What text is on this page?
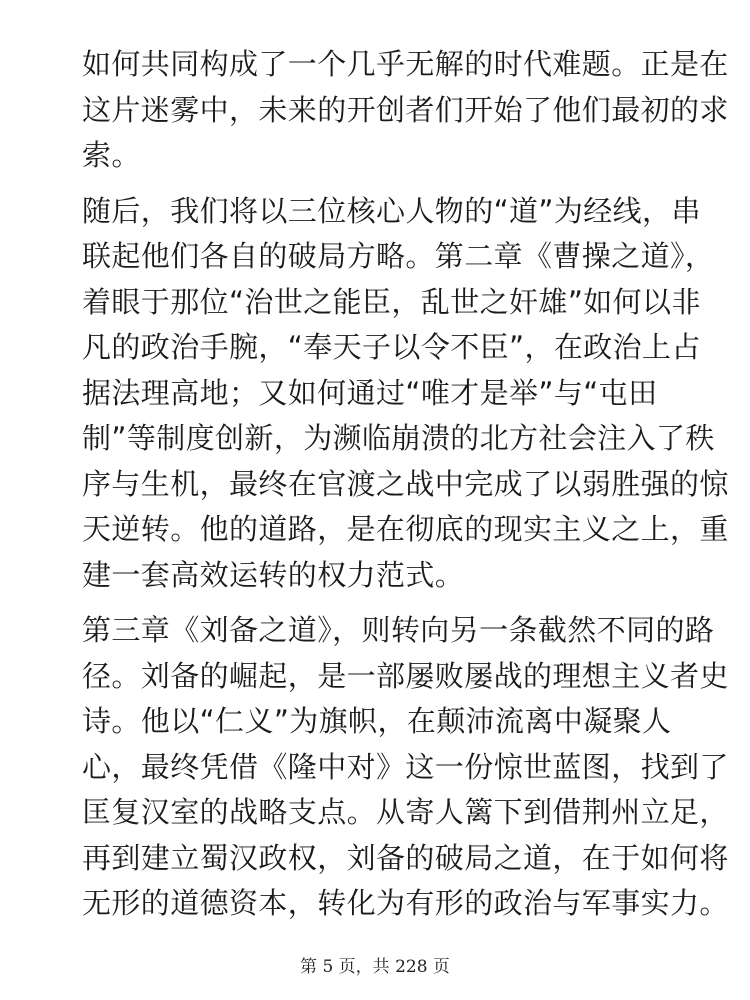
如何共同构成了一个几乎无解的时代难题。正是在
这片迷雾中，未来的开创者们开始了他们最初的求
索。

随后，我们将以三位核心人物的“道”为经线，串
联起他们各自的破局方略。第二章《曹操之道》，
着眼于那位“治世之能臣，乱世之奸雄”如何以非
凡的政治手腕，“奉天子以令不臣”，在政治上占
据法理高地；又如何通过“唯才是举”与“屯田
制”等制度创新，为濒临崩溃的北方社会注入了秩
序与生机，最终在官渡之战中完成了以弱胜强的惊
天逆转。他的道路，是在彻底的现实主义之上，重
建一套高效运转的权力范式。

第三章《刘备之道》，则转向另一条截然不同的路
径。刘备的崛起，是一部屡败屡战的理想主义者史
诗。他以“仁义”为旗帜，在颠沛流离中凝聚人
心，最终凭借《隆中对》这一份惊世蓝图，找到了
匡复汉室的战略支点。从寄人篱下到借荆州立足，
再到建立蜀汉政权，刘备的破局之道，在于如何将
无形的道德资本，转化为有形的政治与军事实力。

第 5 页，共 228 页
